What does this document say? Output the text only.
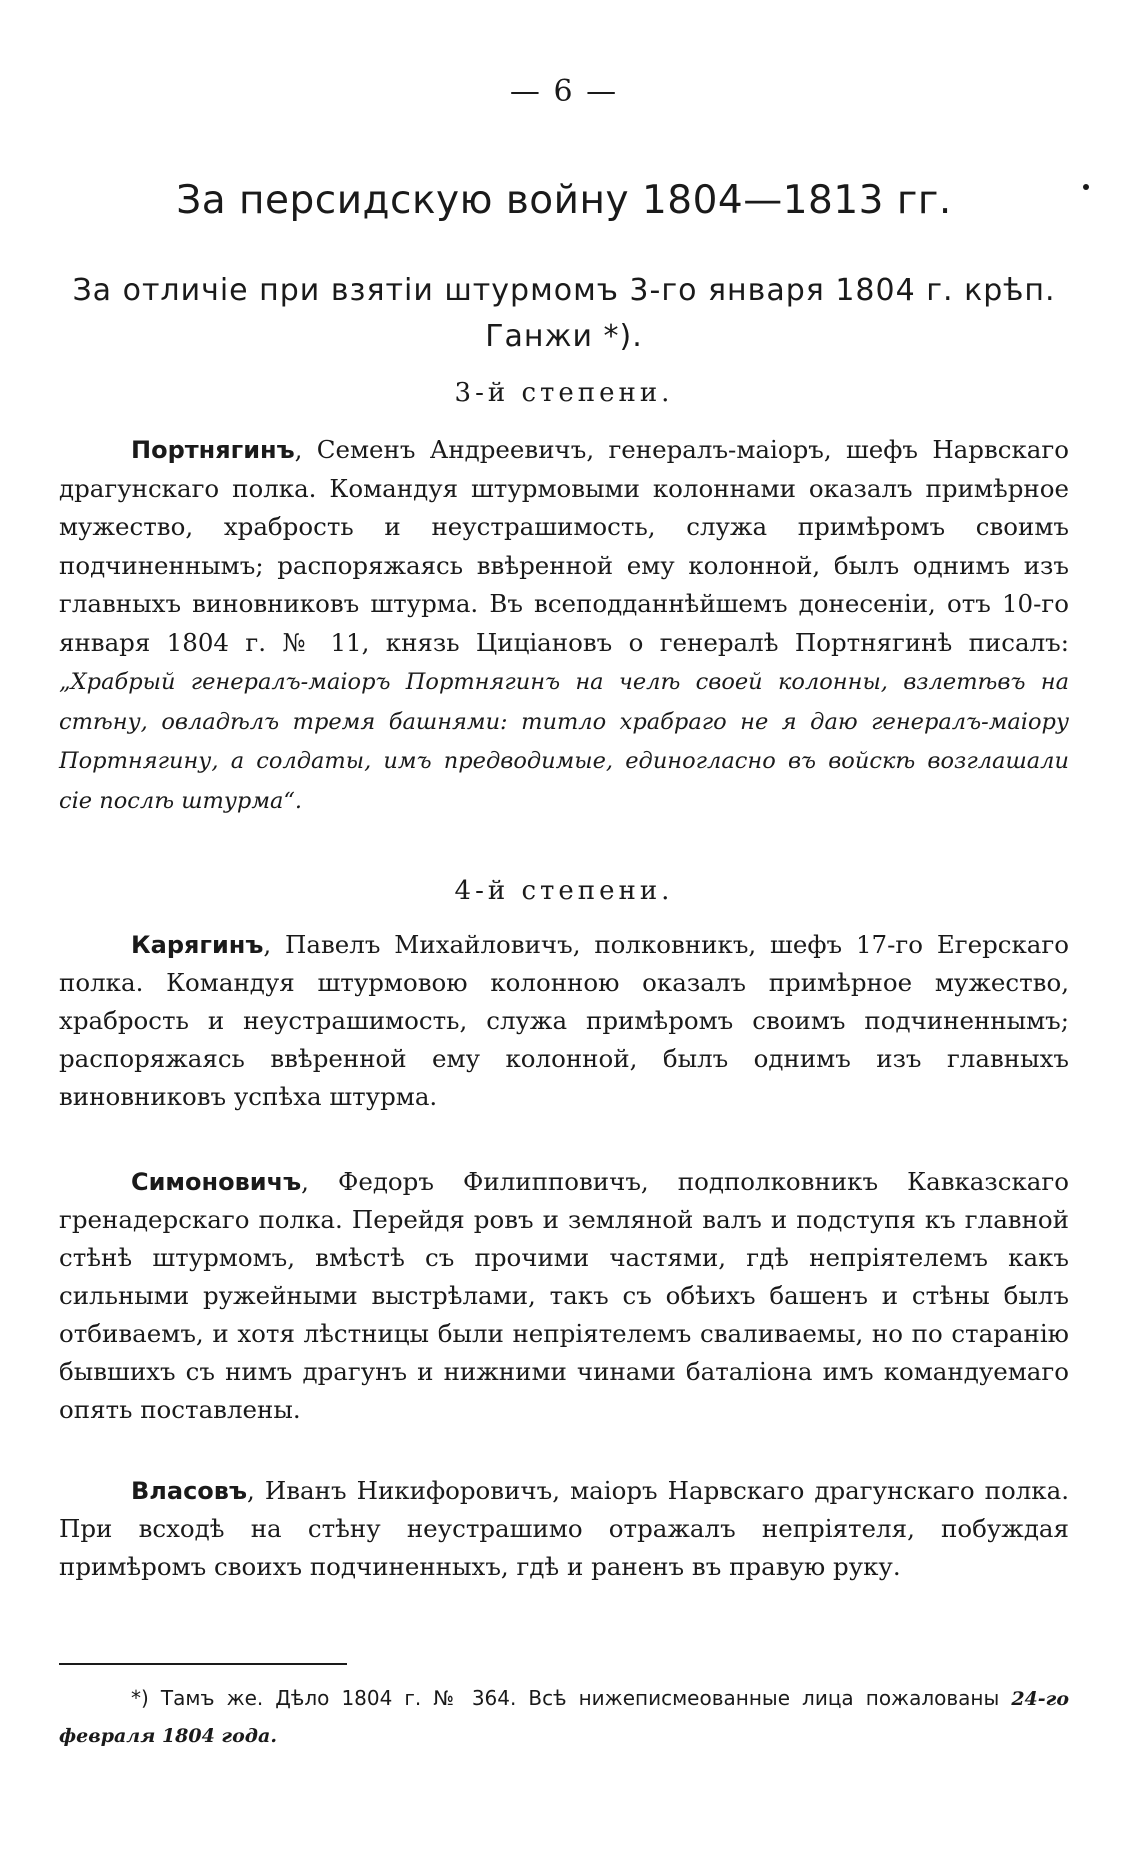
— 6 —
За персидскую войну 1804—1813 гг.
За отличіе при взятіи штурмомъ 3-го января 1804 г. крѣп.
Ганжи *).
3-й степени.

Портнягинъ, Семенъ Андреевичъ, генералъ-маіоръ, шефъ Нарвскаго драгунскаго полка. Командуя штурмовыми колоннами оказалъ примѣрное мужество, храбрость и неустрашимость, служа примѣромъ своимъ подчиненнымъ; распоряжаясь ввѣренной ему колонной, былъ однимъ изъ главныхъ виновниковъ штурма. Въ всеподданнѣйшемъ донесеніи, отъ 10-го января 1804 г. № 11, князь Цицiановъ о генералѣ Портнягинѣ писалъ: „Храбрый генералъ-маіоръ Портнягинъ на челѣ своей колонны, взлетѣвъ на стѣну, овладѣлъ тремя башнями: титло храбраго не я даю генералъ-маіору Портнягину, а солдаты, имъ предводимые, единогласно въ войскѣ возглашали сіе послѣ штурма“.

4-й степени.

Карягинъ, Павелъ Михайловичъ, полковникъ, шефъ 17-го Егерскаго полка. Командуя штурмовою колонною оказалъ примѣрное мужество, храбрость и неустрашимость, служа примѣромъ своимъ подчиненнымъ; распоряжаясь ввѣренной ему колонной, былъ однимъ изъ главныхъ виновниковъ успѣха штурма.

Симоновичъ, Федоръ Филипповичъ, подполковникъ Кавказскаго гренадерскаго полка. Перейдя ровъ и земляной валъ и подступя къ главной стѣнѣ штурмомъ, вмѣстѣ съ прочими частями, гдѣ непріятелемъ какъ сильными ружейными выстрѣлами, такъ съ обѣихъ башенъ и стѣны былъ отбиваемъ, и хотя лѣстницы были непріятелемъ сваливаемы, но по старанію бывшихъ съ нимъ драгунъ и нижними чинами баталіона имъ командуемаго опять поставлены.

Власовъ, Иванъ Никифоровичъ, маіоръ Нарвскаго драгунскаго полка. При всходѣ на стѣну неустрашимо отражалъ непріятеля, побуждая примѣромъ своихъ подчиненныхъ, гдѣ и раненъ въ правую руку.

*) Тамъ же. Дѣло 1804 г. № 364. Всѣ нижеписмеованные лица пожалованы 24-го февраля 1804 года.
